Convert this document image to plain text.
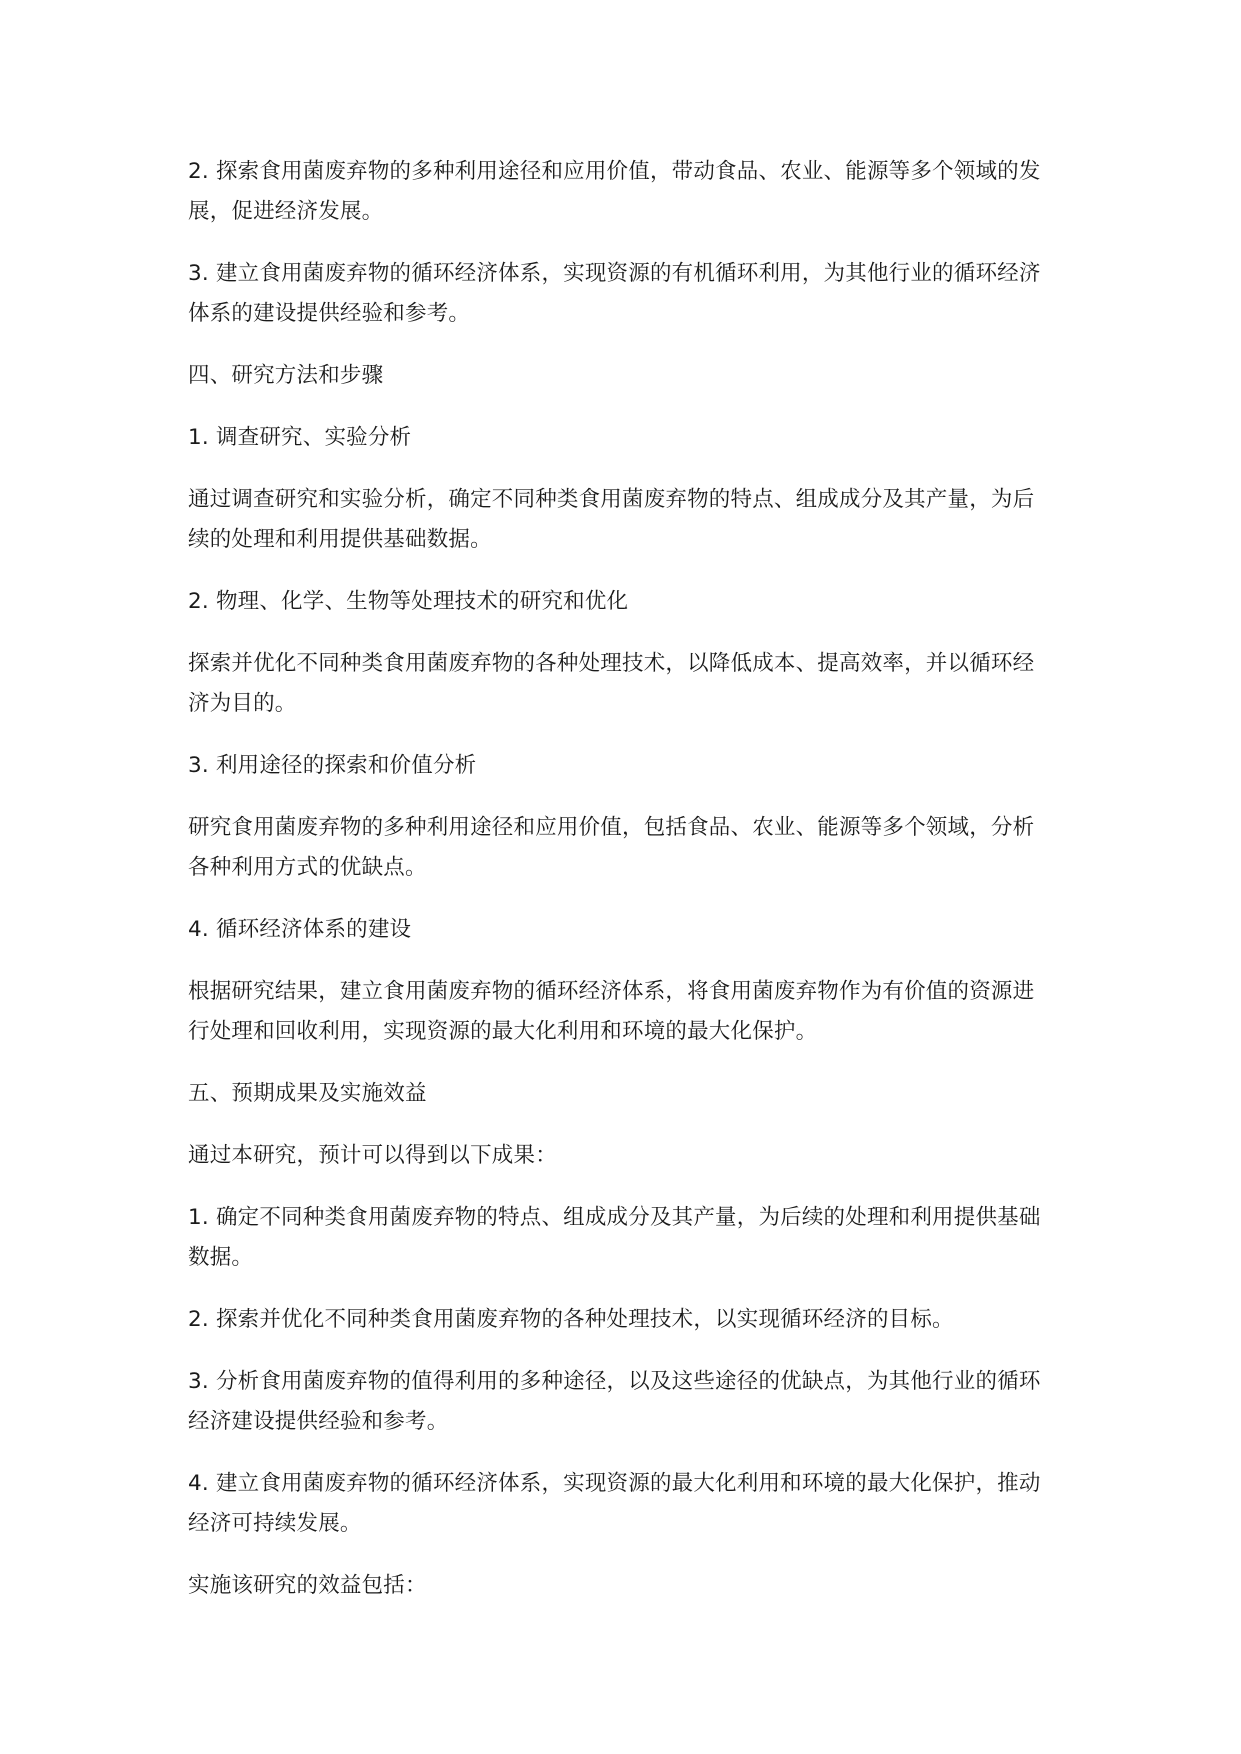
2. 探索食用菌废弃物的多种利用途径和应用价值，带动食品、农业、能源等多个领域的发展，促进经济发展。

3. 建立食用菌废弃物的循环经济体系，实现资源的有机循环利用，为其他行业的循环经济体系的建设提供经验和参考。

四、研究方法和步骤

1. 调查研究、实验分析

通过调查研究和实验分析，确定不同种类食用菌废弃物的特点、组成成分及其产量，为后续的处理和利用提供基础数据。

2. 物理、化学、生物等处理技术的研究和优化

探索并优化不同种类食用菌废弃物的各种处理技术，以降低成本、提高效率，并以循环经济为目的。

3. 利用途径的探索和价值分析

研究食用菌废弃物的多种利用途径和应用价值，包括食品、农业、能源等多个领域，分析各种利用方式的优缺点。

4. 循环经济体系的建设

根据研究结果，建立食用菌废弃物的循环经济体系，将食用菌废弃物作为有价值的资源进行处理和回收利用，实现资源的最大化利用和环境的最大化保护。

五、预期成果及实施效益

通过本研究，预计可以得到以下成果：

1. 确定不同种类食用菌废弃物的特点、组成成分及其产量，为后续的处理和利用提供基础数据。

2. 探索并优化不同种类食用菌废弃物的各种处理技术，以实现循环经济的目标。

3. 分析食用菌废弃物的值得利用的多种途径，以及这些途径的优缺点，为其他行业的循环经济建设提供经验和参考。

4. 建立食用菌废弃物的循环经济体系，实现资源的最大化利用和环境的最大化保护，推动经济可持续发展。

实施该研究的效益包括：
